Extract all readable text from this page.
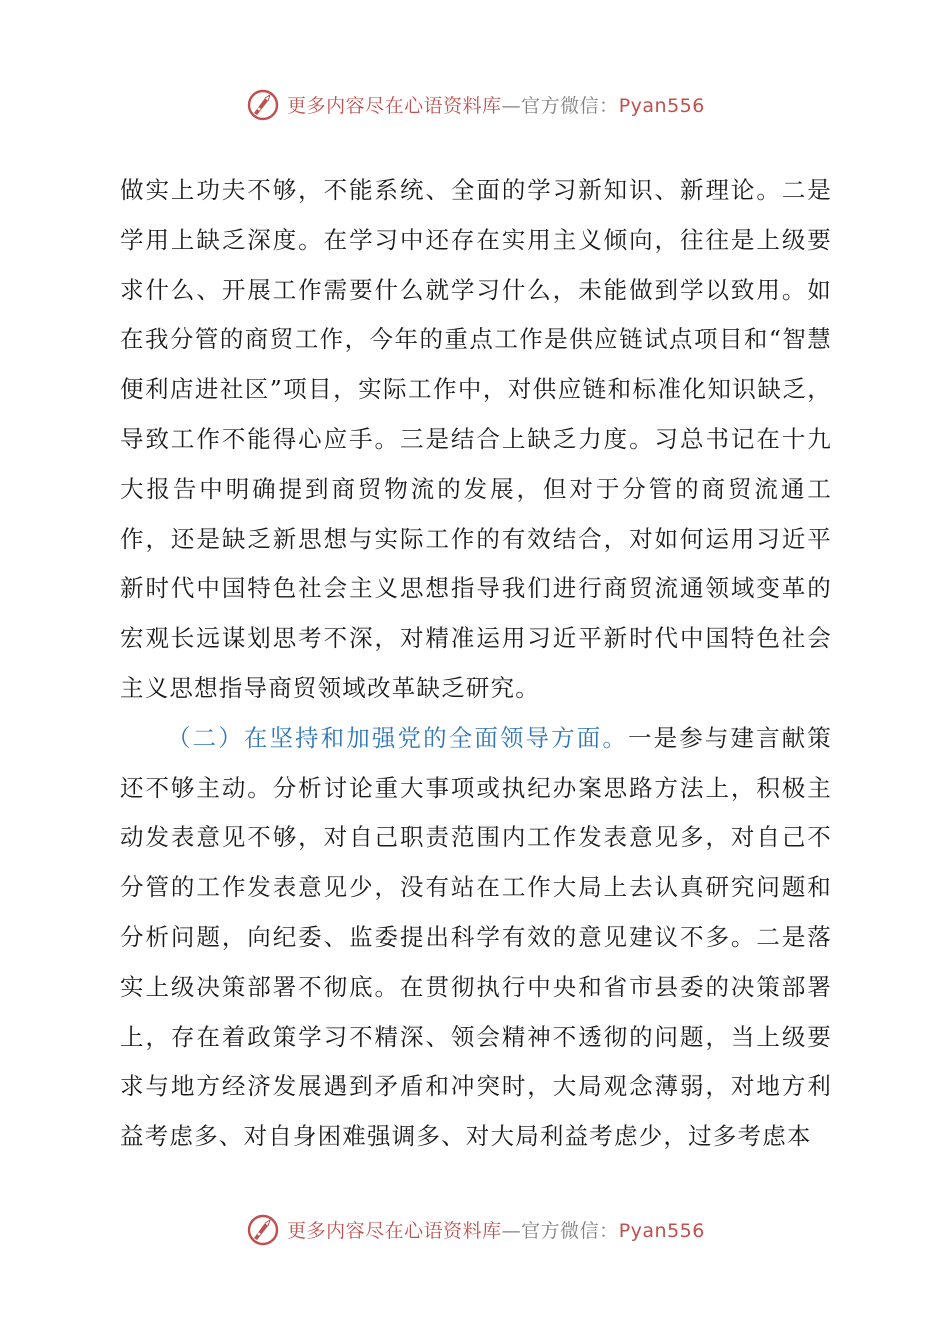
更多内容尽在心语资料库—官方微信：Pyan556

做实上功夫不够，不能系统、全面的学习新知识、新理论。二是学用上缺乏深度。在学习中还存在实用主义倾向，往往是上级要求什么、开展工作需要什么就学习什么，未能做到学以致用。如在我分管的商贸工作，今年的重点工作是供应链试点项目和“智慧便利店进社区”项目，实际工作中，对供应链和标准化知识缺乏，导致工作不能得心应手。三是结合上缺乏力度。习总书记在十九大报告中明确提到商贸物流的发展，但对于分管的商贸流通工作，还是缺乏新思想与实际工作的有效结合，对如何运用习近平新时代中国特色社会主义思想指导我们进行商贸流通领域变革的宏观长远谋划思考不深，对精准运用习近平新时代中国特色社会主义思想指导商贸领域改革缺乏研究。

（二）在坚持和加强党的全面领导方面。一是参与建言献策还不够主动。分析讨论重大事项或执纪办案思路方法上，积极主动发表意见不够，对自己职责范围内工作发表意见多，对自己不分管的工作发表意见少，没有站在工作大局上去认真研究问题和分析问题，向纪委、监委提出科学有效的意见建议不多。二是落实上级决策部署不彻底。在贯彻执行中央和省市县委的决策部署上，存在着政策学习不精深、领会精神不透彻的问题，当上级要求与地方经济发展遇到矛盾和冲突时，大局观念薄弱，对地方利益考虑多、对自身困难强调多、对大局利益考虑少，过多考虑本

更多内容尽在心语资料库—官方微信：Pyan556
